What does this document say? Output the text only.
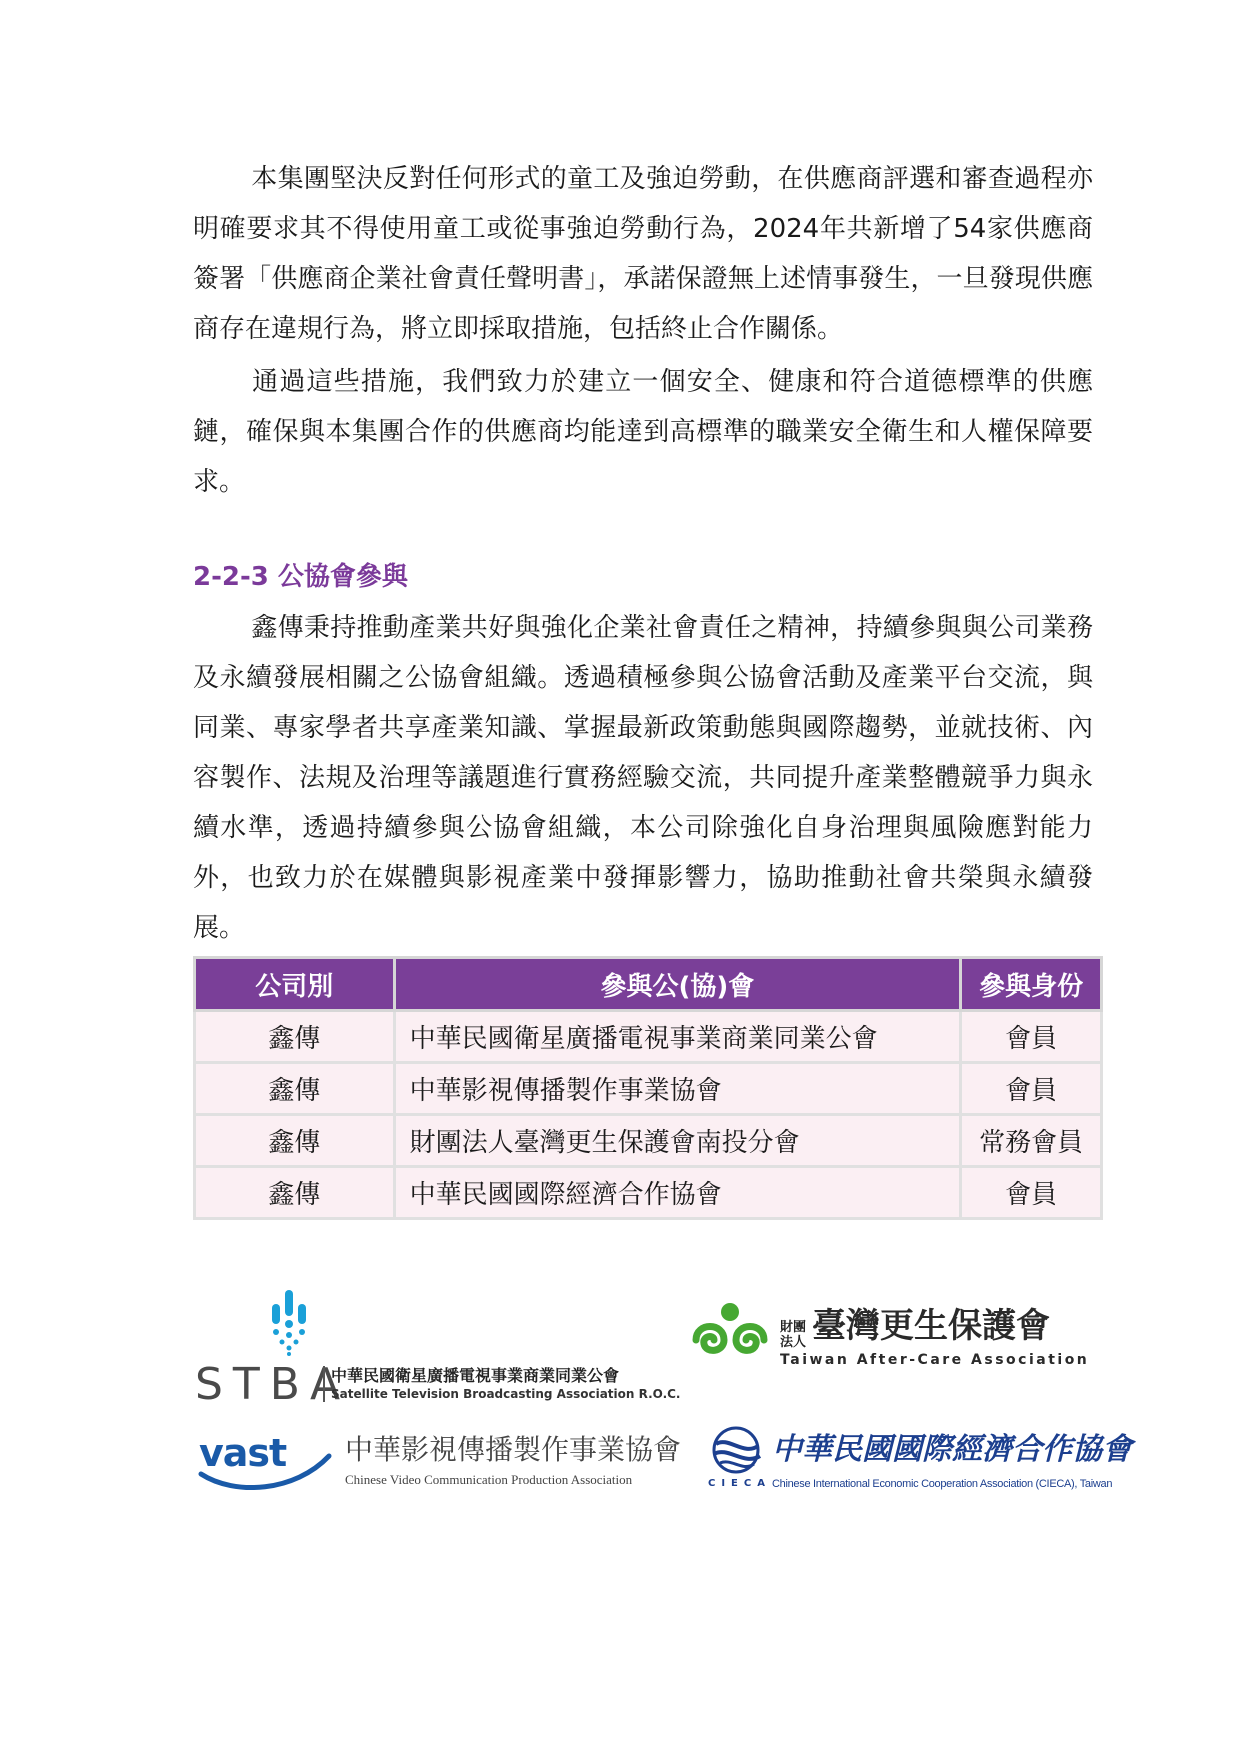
本集團堅決反對任何形式的童工及強迫勞動，在供應商評選和審查過程亦明確要求其不得使用童工或從事強迫勞動行為，2024年共新增了54家供應商簽署「供應商企業社會責任聲明書」，承諾保證無上述情事發生，一旦發現供應商存在違規行為，將立即採取措施，包括終止合作關係。

通過這些措施，我們致力於建立一個安全、健康和符合道德標準的供應鏈，確保與本集團合作的供應商均能達到高標準的職業安全衛生和人權保障要求。

2-2-3 公協會參與

鑫傳秉持推動產業共好與強化企業社會責任之精神，持續參與與公司業務及永續發展相關之公協會組織。透過積極參與公協會活動及產業平台交流，與同業、專家學者共享產業知識、掌握最新政策動態與國際趨勢，並就技術、內容製作、法規及治理等議題進行實務經驗交流，共同提升產業整體競爭力與永續水準，透過持續參與公協會組織，本公司除強化自身治理與風險應對能力外，也致力於在媒體與影視產業中發揮影響力，協助推動社會共榮與永續發展。

公司別	參與公(協)會	參與身份
鑫傳	中華民國衛星廣播電視事業商業同業公會	會員
鑫傳	中華影視傳播製作事業協會	會員
鑫傳	財團法人臺灣更生保護會南投分會	常務會員
鑫傳	中華民國國際經濟合作協會	會員
STBA
中華民國衛星廣播電視事業商業同業公會
Satellite Television Broadcasting Association R.O.C.
財團法人 臺灣更生保護會
Taiwan After-Care Association
vast 中華影視傳播製作事業協會
Chinese Video Communication Production Association
中華民國國際經濟合作協會
CIECA Chinese International Economic Cooperation Association (CIECA), Taiwan
